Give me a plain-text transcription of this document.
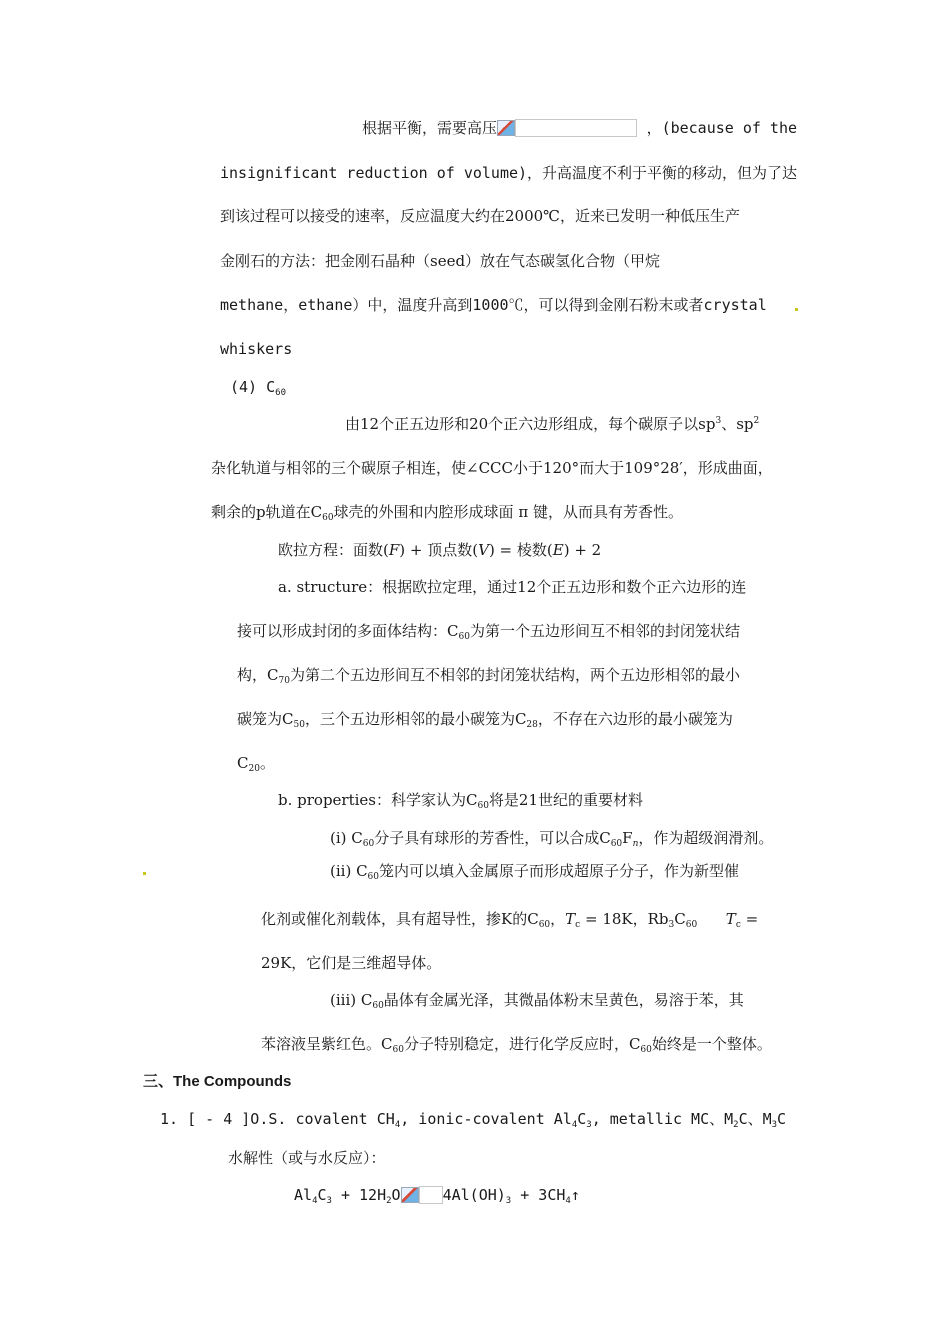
根据平衡，需要高压	，(because of the
insignificant reduction of volume)，升高温度不利于平衡的移动，但为了达
到该过程可以接受的速率，反应温度大约在2000℃，近来已发明一种低压生产
金刚石的方法：把金刚石晶种（seed）放在气态碳氢化合物（甲烷
methane，ethane）中，温度升高到1000℃，可以得到金刚石粉末或者crystal
whiskers
(4) $C_{60}$
由12个正五边形和20个正六边形组成，每个碳原子以$sp^3$、$sp^2$
杂化轨道与相邻的三个碳原子相连，使∠CCC小于120°而大于109°28′，形成曲面，
剩余的p轨道在$C_{60}$球壳的外围和内腔形成球面 π 键，从而具有芳香性。
欧拉方程：面数(F) + 顶点数(V) = 棱数(E) + 2
a. structure：根据欧拉定理，通过12个正五边形和数个正六边形的连
接可以形成封闭的多面体结构：$C_{60}$为第一个五边形间互不相邻的封闭笼状结
构，$C_{70}$为第二个五边形间互不相邻的封闭笼状结构，两个五边形相邻的最小
碳笼为$C_{50}$，三个五边形相邻的最小碳笼为$C_{28}$，不存在六边形的最小碳笼为
$C_{20}$。
b. properties：科学家认为$C_{60}$将是21世纪的重要材料
(i) $C_{60}$分子具有球形的芳香性，可以合成$C_{60}F_n$，作为超级润滑剂。
(ii) $C_{60}$笼内可以填入金属原子而形成超原子分子，作为新型催
化剂或催化剂载体，具有超导性，掺K的$C_{60}$，$T_c = 18K$，$Rb_3C_{60}$ $T_c$ =
29K，它们是三维超导体。
(iii) $C_{60}$晶体有金属光泽，其微晶体粉末呈黄色，易溶于苯，其
苯溶液呈紫红色。$C_{60}$分子特别稳定，进行化学反应时，$C_{60}$始终是一个整体。
三、The Compounds
1. [ - 4 ]O.S. covalent $CH_4$, ionic-covalent $Al_4C_3$, metallic MC、$M_2C$、$M_3C$
水解性（或与水反应）：
$Al_4C_3 + 12H_2O$	$4Al(OH)_3$ + $3CH_4↑$
